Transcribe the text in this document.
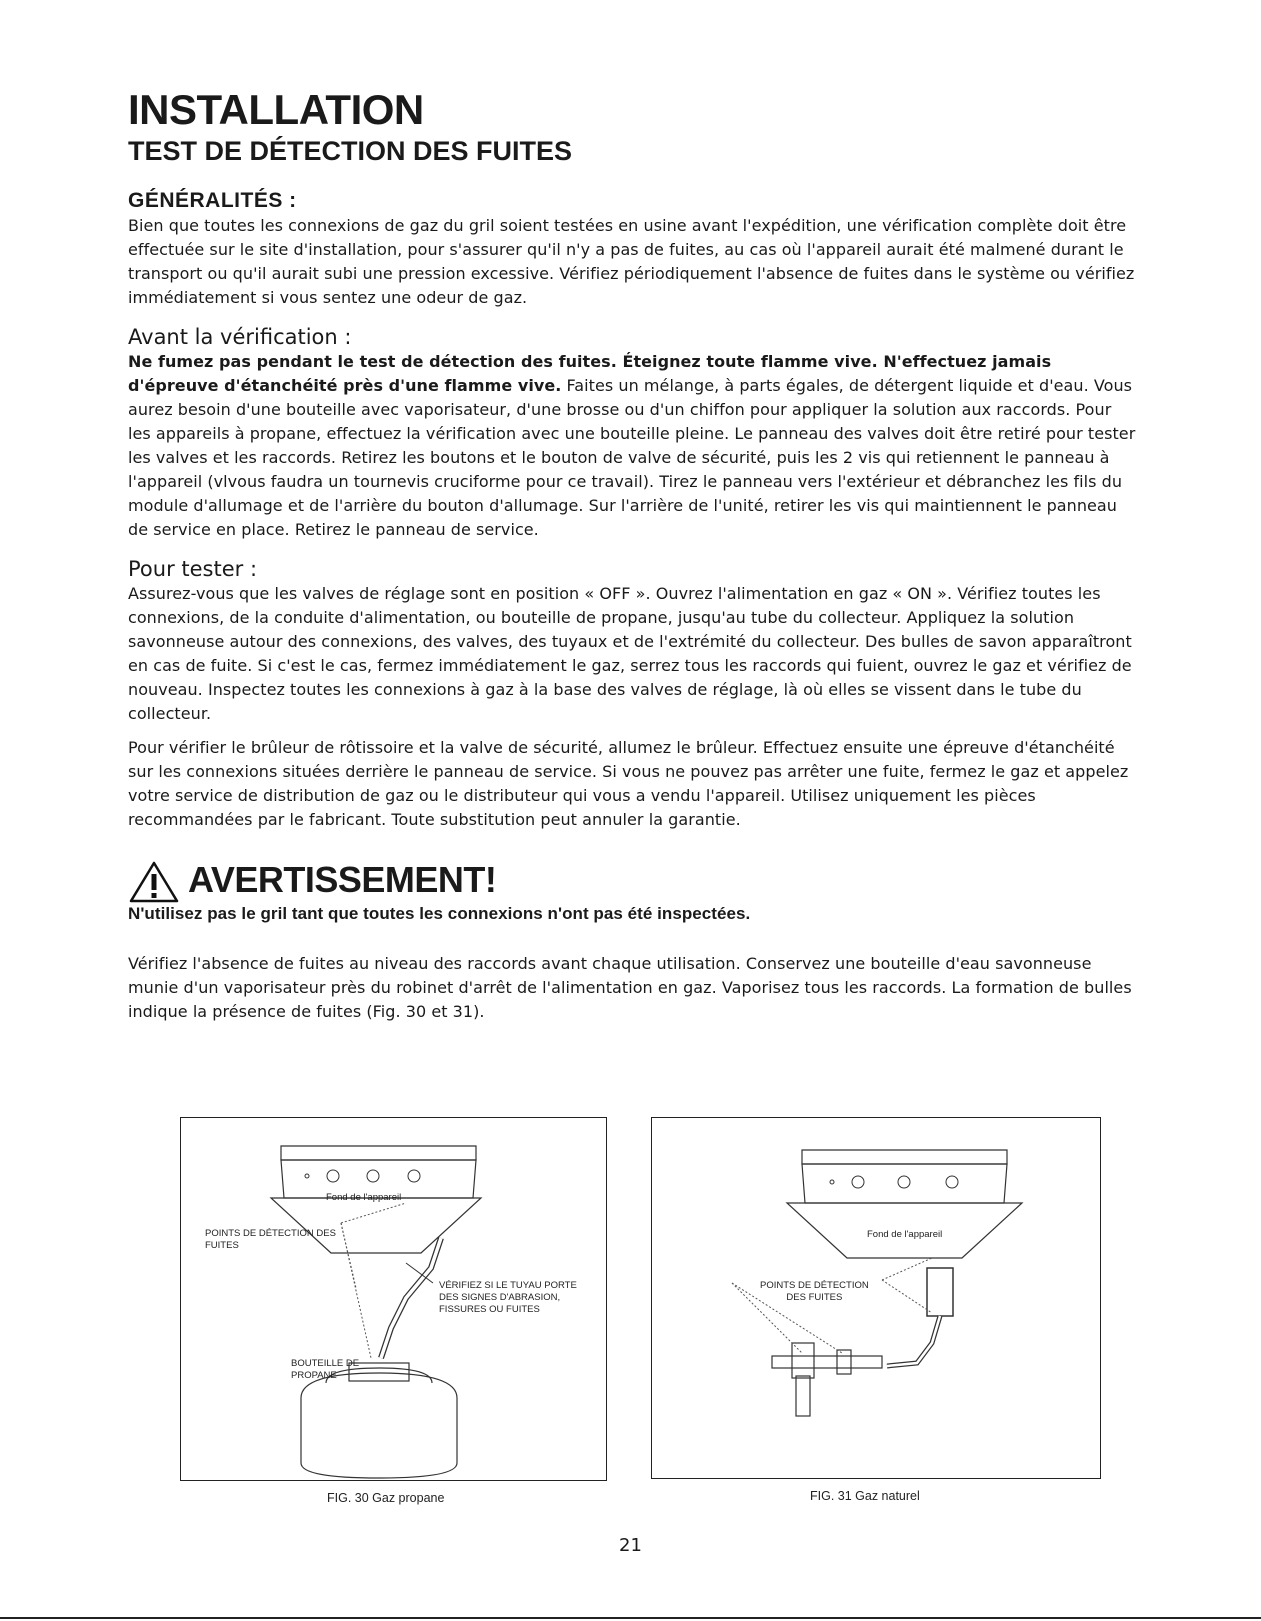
INSTALLATION
TEST DE DÉTECTION DES FUITES
GÉNÉRALITÉS :

Bien que toutes les connexions de gaz du gril soient testées en usine avant l'expédition, une vérification complète doit être effectuée sur le site d'installation, pour s'assurer qu'il n'y a pas de fuites, au cas où l'appareil aurait été malmené durant le transport ou qu'il aurait subi une pression excessive. Vérifiez périodiquement l'absence de fuites dans le système ou vérifiez immédiatement si vous sentez une odeur de gaz.

Avant la vérification :

Ne fumez pas pendant le test de détection des fuites. Éteignez toute flamme vive. N'effectuez jamais d'épreuve d'étanchéité près d'une flamme vive. Faites un mélange, à parts égales, de détergent liquide et d'eau. Vous aurez besoin d'une bouteille avec vaporisateur, d'une brosse ou d'un chiffon pour appliquer la solution aux raccords. Pour les appareils à propane, effectuez la vérification avec une bouteille pleine. Le panneau des valves doit être retiré pour tester les valves et les raccords. Retirez les boutons et le bouton de valve de sécurité, puis les 2 vis qui retiennent le panneau à l'appareil (vlvous faudra un tournevis cruciforme pour ce travail). Tirez le panneau vers l'extérieur et débranchez les fils du module d'allumage et de l'arrière du bouton d'allumage. Sur l'arrière de l'unité, retirer les vis qui maintiennent le panneau de service en place. Retirez le panneau de service.

Pour tester :

Assurez-vous que les valves de réglage sont en position « OFF ». Ouvrez l'alimentation en gaz « ON ». Vérifiez toutes les connexions, de la conduite d'alimentation, ou bouteille de propane, jusqu'au tube du collecteur. Appliquez la solution savonneuse autour des connexions, des valves, des tuyaux et de l'extrémité du collecteur. Des bulles de savon apparaîtront en cas de fuite. Si c'est le cas, fermez immédiatement le gaz, serrez tous les raccords qui fuient, ouvrez le gaz et vérifiez de nouveau. Inspectez toutes les connexions à gaz à la base des valves de réglage, là où elles se vissent dans le tube du collecteur.

Pour vérifier le brûleur de rôtissoire et la valve de sécurité, allumez le brûleur. Effectuez ensuite une épreuve d'étanchéité sur les connexions situées derrière le panneau de service. Si vous ne pouvez pas arrêter une fuite, fermez le gaz et appelez votre service de distribution de gaz ou le distributeur qui vous a vendu l'appareil. Utilisez uniquement les pièces recommandées par le fabricant. Toute substitution peut annuler la garantie.

AVERTISSEMENT!

N'utilisez pas le gril tant que toutes les connexions n'ont pas été inspectées.

Vérifiez l'absence de fuites au niveau des raccords avant chaque utilisation. Conservez une bouteille d'eau savonneuse munie d'un vaporisateur près du robinet d'arrêt de l'alimentation en gaz. Vaporisez tous les raccords. La formation de bulles indique la présence de fuites (Fig. 30 et 31).

Fond de l'appareil
POINTS DE DÉTECTION DES
FUITES
VÉRIFIEZ SI LE TUYAU PORTE
DES SIGNES D'ABRASION,
FISSURES OU FUITES
BOUTEILLE DE
PROPANE
FIG. 30 Gaz propane
Fond de l'appareil
POINTS DE DÉTECTION
DES FUITES
FIG. 31 Gaz naturel
21
